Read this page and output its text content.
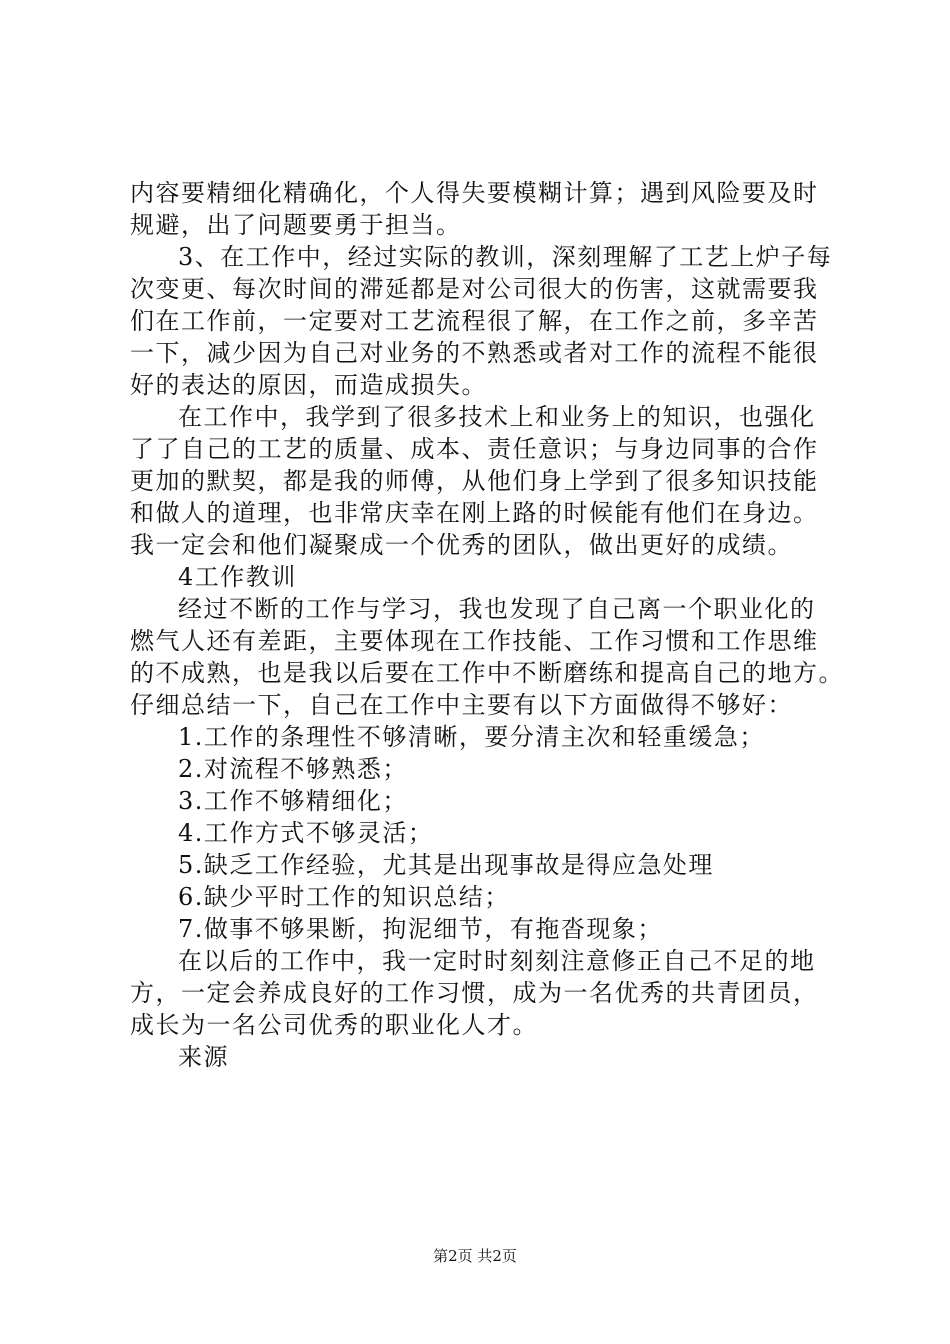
内容要精细化精确化，个人得失要模糊计算；遇到风险要及时
规避，出了问题要勇于担当。
3、在工作中，经过实际的教训，深刻理解了工艺上炉子每
次变更、每次时间的滞延都是对公司很大的伤害，这就需要我
们在工作前，一定要对工艺流程很了解，在工作之前，多辛苦
一下，减少因为自己对业务的不熟悉或者对工作的流程不能很
好的表达的原因，而造成损失。
在工作中，我学到了很多技术上和业务上的知识，也强化
了了自己的工艺的质量、成本、责任意识；与身边同事的合作
更加的默契，都是我的师傅，从他们身上学到了很多知识技能
和做人的道理，也非常庆幸在刚上路的时候能有他们在身边。
我一定会和他们凝聚成一个优秀的团队，做出更好的成绩。
4工作教训
经过不断的工作与学习，我也发现了自己离一个职业化的
燃气人还有差距，主要体现在工作技能、工作习惯和工作思维
的不成熟，也是我以后要在工作中不断磨练和提高自己的地方。
仔细总结一下，自己在工作中主要有以下方面做得不够好：
1.工作的条理性不够清晰，要分清主次和轻重缓急；
2.对流程不够熟悉；
3.工作不够精细化；
4.工作方式不够灵活；
5.缺乏工作经验，尤其是出现事故是得应急处理
6.缺少平时工作的知识总结；
7.做事不够果断，拘泥细节，有拖沓现象；
在以后的工作中，我一定时时刻刻注意修正自己不足的地
方，一定会养成良好的工作习惯，成为一名优秀的共青团员，
成长为一名公司优秀的职业化人才。
来源
第2页 共2页
